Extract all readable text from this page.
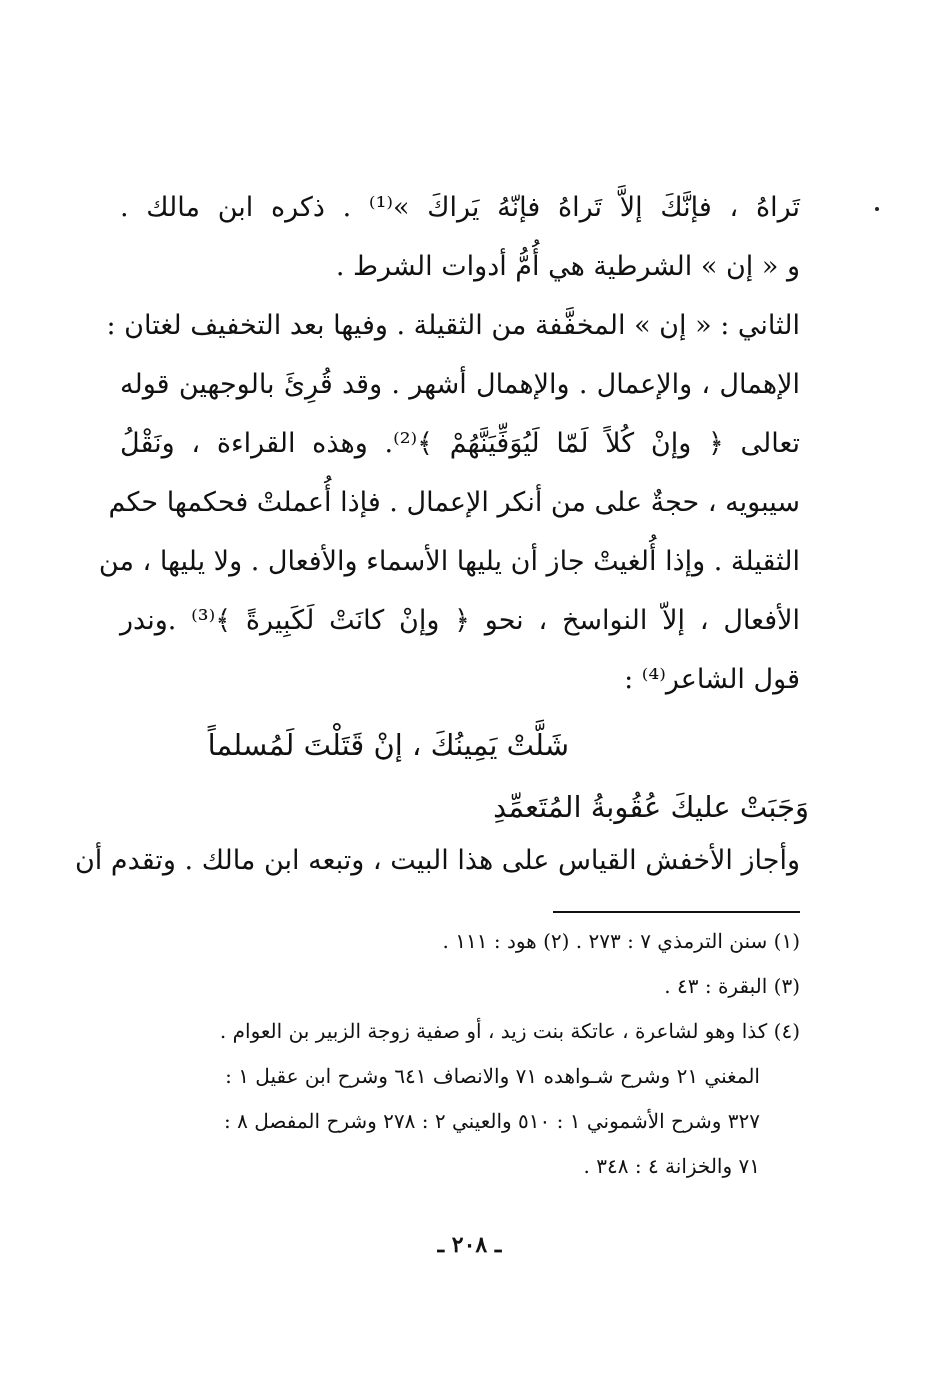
تَراهُ ، فإنَّكَ إلاَّ تَراهُ فإنّهُ يَراكَ »⁽¹⁾ . ذكره ابن مالك .
و « إن » الشرطية هي أُمُّ أدوات الشرط .
الثاني : « إن » المخفَّفة من الثقيلة . وفيها بعد التخفيف لغتان :
الإهمال ، والإعمال . والإهمال أشهر . وقد قُرِئَ بالوجهين قوله
تعالى ﴿ وإنْ كُلاً لَمّا لَيُوَفِّيَنَّهُمْ ﴾⁽²⁾. وهذه القراءة ، ونَقْلُ
سيبويه ، حجةٌ على من أنكر الإعمال . فإذا أُعملتْ فحكمها حكم
الثقيلة . وإذا أُلغيتْ جاز أن يليها الأسماء والأفعال . ولا يليها ، من
الأفعال ، إلاّ النواسخ ، نحو ﴿ وإنْ كانَتْ لَكَبِيرةً ﴾⁽³⁾ .وندر
قول الشاعر⁽⁴⁾ :
شَلَّتْ يَمِينُكَ ، إنْ قَتَلْتَ لَمُسلماً
وَجَبَتْ عليكَ عُقُوبةُ المُتَعمِّدِ
وأجاز الأخفش القياس على هذا البيت ، وتبعه ابن مالك . وتقدم أن
(١) سنن الترمذي ٧ : ٢٧٣ . (٢) هود : ١١١ .
(٣) البقرة : ٤٣ .
(٤) كذا وهو لشاعرة ، عاتكة بنت زيد ، أو صفية زوجة الزبير بن العوام .
المغني ٢١ وشرح شـواهده ٧١ والانصاف ٦٤١ وشرح ابن عقيل ١ :
٣٢٧ وشرح الأشموني ١ : ٥١٠ والعيني ٢ : ٢٧٨ وشرح المفصل ٨ :
٧١ والخزانة ٤ : ٣٤٨ .
ـ ٢٠٨ ـ
